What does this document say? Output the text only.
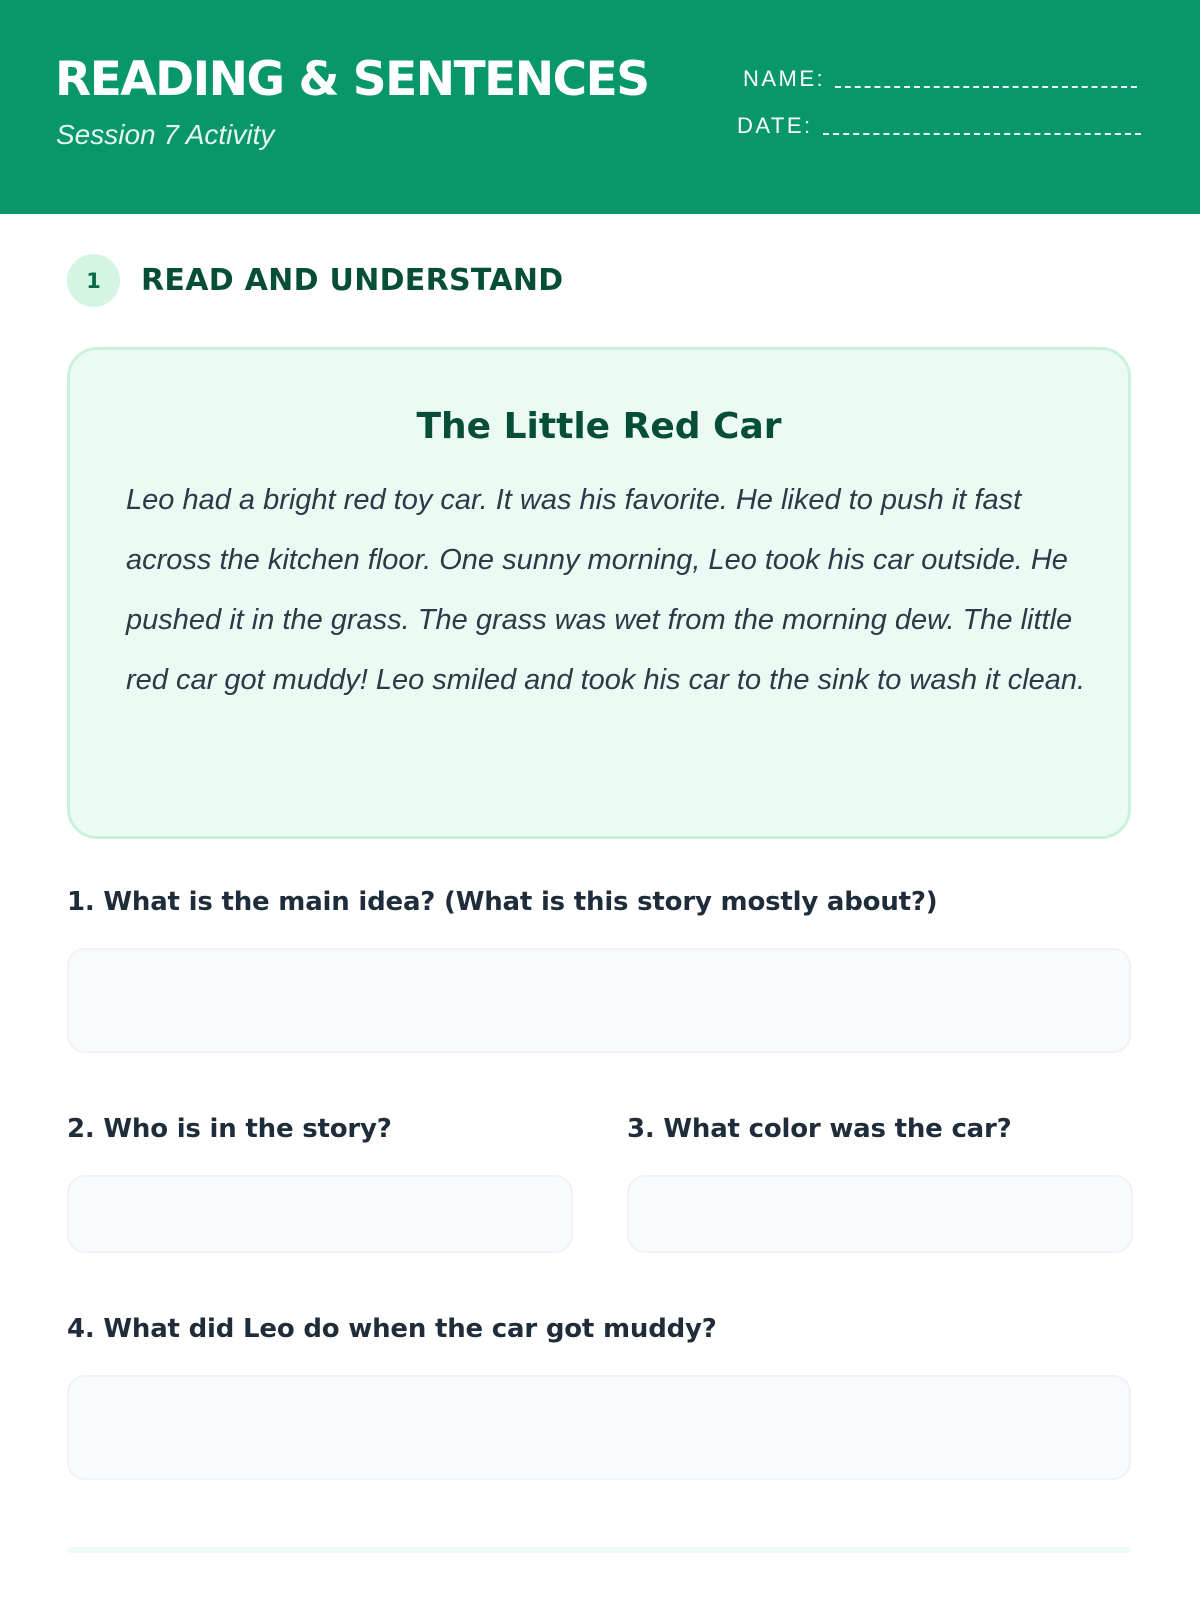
READING & SENTENCES
Session 7 Activity
NAME:
DATE:
1	READ AND UNDERSTAND
The Little Red Car
Leo had a bright red toy car. It was his favorite. He liked to push it fast across the kitchen floor. One sunny morning, Leo took his car outside. He pushed it in the grass. The grass was wet from the morning dew. The little red car got muddy! Leo smiled and took his car to the sink to wash it clean.
1. What is the main idea? (What is this story mostly about?)
2. Who is in the story?	3. What color was the car?
4. What did Leo do when the car got muddy?
